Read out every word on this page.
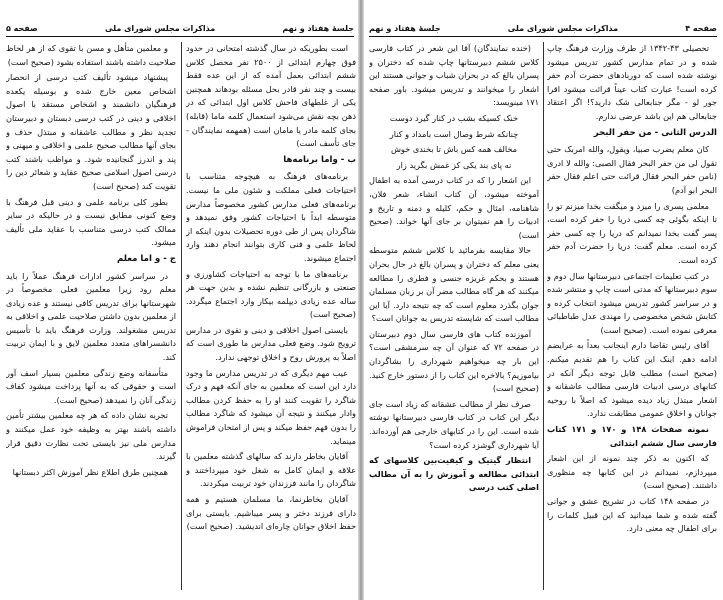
جلسهٔ هفتاد و نهم
مذاکرات مجلس شورای ملی
صفحه ۵

است بطوریکه در سال گذشته امتحانی در حدود فوق چهارم ابتدائی از ۲۵۰۰ نفر محصل کلاس ششم ابتدائی بعمل آمده که از این عده فقط بیست و چند نفر قادر بحل مسئله بودهاند همچنین یکی از غلطهای فاحش کلاس اول ابتدائی که در ذهن بچه نقش می‌شود استعمال کلمه ماما (قابله) بجای کلمه مادر یا مامان است (همهمه نمایندگان - جای تأسف است)

ب - واما برنامه‌ها

برنامه‌های فرهنگ به هیچوجه متناسب با احتیاجات فعلی مملکت و شئون ملی ما نیست. برنامه‌های فعلی مدارس کشور مخصوصاً مدارس متوسطه ابداً با احتیاجات کشور وفق نمیدهد و شاگردان پس از طی دوره تحصیلات بدون اینکه از لحاظ علمی و فنی کاری بتوانند انجام دهند وارد اجتماع میشوند.

برنامه‌های ما با توجه به احتیاجات کشاورزی و صنعتی و بازرگانی تنظیم نشده و بدین جهت هر ساله عده زیادی دیپلمه بیکار وارد اجتماع میگردد. (صحیح است)

بایستی اصول اخلاقی و دینی و تقوی در مدارس ترویج شود. وضع فعلی مدارس ما طوری است که اصلاً به پرورش روح و اخلاق توجهی ندارد.

عیب مهم دیگری که در تدریس مدارس ما وجود دارد این است که معلمین به جای آنکه فهم و درک شاگرد را تقویت کنند او را به حفظ کردن مطالب وادار میکنند و نتیجه آن میشود که شاگرد مطالب را بدون فهم حفظ میکند و پس از امتحان فراموش مینماید.

آقایان بخاطر دارند که سالهای گذشته معلمین با علاقه و ایمان کامل به شغل خود میپرداختند و شاگردان را مانند فرزندان خود تربیت میکردند.

آقایان بخاطرنما، ما مسلمان هستیم و همه دارای فرزند دختر و پسر میباشیم. بایستی برای حفظ اخلاق جوانان چاره‌ای اندیشید. (صحیح است)

و معلمین متأهل و مسن با تقوی که از هر لحاظ صلاحیت داشته باشند استفاده بشود (صحیح است)

پیشنهاد میشود تألیف کتب درسی از انحصار اشخاص معین خارج شده و بوسیله یکعده فرهنگیان دانشمند و اشخاص مستقد با اصول اخلاقی و دینی در کتب درسی دبستان و دبیرستان تجدید نظر و مطالب عاشقانه و مبتذل حذف و بجای آنها مطالب صحیح علمی و اخلاقی و میهنی و پند و اندرز گنجانیده شود. و مواظب باشند کتب درسی اصول اسلامی صحیح عقاید و شعائر دین را تقویت کند (صحیح است)

بطور کلی برنامه علمی و دینی قبل فرهنگ با وضع کنونی مطابق نیست و در حالیکه در سایر ممالک کتب درسی متناسب با عقاید ملی تألیف میشود.

ج - و اما معلم

در سراسر کشور ادارات فرهنگ عملاً را باید معلم رود زیرا معلمین فعلی مخصوصاً در شهرستانها برای تدریس کافی نیستند و عده زیادی از معلمین بدون داشتن صلاحیت علمی و اخلاقی به تدریس مشغولند. وزارت فرهنگ باید با تأسیس دانشسراهای متعدد معلمین لایق و با ایمان تربیت کند.

متأسفانه وضع زندگی معلمین بسیار اسف آور است و حقوقی که به آنها پرداخت میشود کفاف زندگی آنان را نمیدهد (صحیح است).

تجربه نشان داده که هر چه معلمین بیشتر تأمین داشته باشند بهتر به وظیفه خود عمل میکنند و مدارس ملی نیز بایستی تحت نظارت دقیق قرار گیرند.

همچنین طرق اطلاع نظر آموزش اکثر دبستانها

صفحه ۴
مذاکرات مجلس شورای ملی
جلسهٔ هفتاد و نهم

تحصیلی ۴۳-۱۳۴۲ از طرف وزارت فرهنگ چاپ شده و در تمام مدارس کشور تدریس میشود نوشته شده است که دوربادهای حضرت آدم حفر کرده است! عبارت کتاب عیناً قرائت میشود اقرا جور لو - مگر جنابعالی شک دارید؟! اگر اعتقاد جنابعالی هم این باشد عرضی ندارم.

الدرس الثانی - من حفر البحر

کان معلم یضرب صبیا، ویقول، والله امربک حتی تقول لی من حفر البحر فقال الصبی: والله لا ادری (نامن حفر البحر فقال قرائت حتی اعلم فقال حفر البحر ابو آدم)

معلمی پسری را میزد و میگفت بخدا میزنم تو را تا اینکه بگوئی چه کسی دریا را حفر کرده است، پسر گفت بخدا نمیدانم که دریا را چه کسی حفر کرده است. معلم گفت: دریا را حضرت آدم حفر کرده است.

در کتب تعلیمات اجتماعی دبیرستانها سال دوم و سوم دبیرستانها که مدتی است چاپ و منتشر شده و در سراسر کشور تدریس میشود انتخاب کرده و کتابش شخص مخصوصی را مهندی عدل طباطبائی معرفی نموده است. (صحیح است)

آقای رئیس تقاضا دارم اینجانب بعداً به عرایضم ادامه دهم. اینک این کتاب را هم تقدیم میکنم. (صحیح است) مطلب قابل توجه دیگر آنکه در کتابهای درسی ادبیات فارسی مطالب عاشقانه و اشعار مبتذل زیاد دیده میشود که اصلاً با روحیه جوانان و اخلاق عمومی مطابقت ندارد.

نمونه صفحات ۱۴۸ و ۱۷۰ و ۱۷۱ کتاب فارسی سال ششم ابتدائی

که اکنون به ذکر چند نمونه از این اشعار میپردازم، نمیدانم در این کتابها چه منظوری داشتند. (صحیح است)

در صفحه ۱۴۸ کتاب در تشریح عشق و جوانی گفته شده و شما میدانید که این قبیل کلمات را برای اطفال چه معنی دارد.

(خنده نمایندگان) آقا این شعر در کتاب فارسی کلاس ششم دبیرستانها چاپ شده که دختران و پسران بالغ که در بحران شباب و جوانی هستند این اشعار را میخوانند و تدریس میشود. باور صفحه ۱۷۱ مینویسد:

خنک کسیکه بشب در کنار گیرد دوست

چنانکه شرط وصال است بامداد و کنار

مخالف همه کس باش تا بخندی خوش

نه پای بند یکی کز غمش بگرید زار

این اشعار را که در کتاب درسی آمده به اطفال آموخته میشود، آن کتاب انشاء، شعر فلان، شاهنامه، امثال و حکم، کلیله و دمنه و تاریخ و ادبیات را هم نمیتوان بر جای آنها خواند. (صحیح است)

حالا مقایسه بفرمائید با کلاس ششم متوسطه یعنی معلم که دختران و پسران بالغ در حال بحران هستند و بحکم غریزه جنسی و فطری را مطالعه میکنند که هر گاه مطالب مضر آن بر زبان مسلمان جوان بگذرد معلوم است که چه نتیجه دارد. آیا این مطالب است که شایسته تدریس به جوانان است؟

آموزنده کتاب های فارسی سال دوم دبیرستان در صفحه ۷۲ که عنوان آن چه سرمشقی است؟ این بار چه میخواهیم شهرداری را بشاگردان بیاموزیم؟ بالاخره این کتاب را از دستور خارج کنید. (صحیح است)

صرف نظر از مطالب عشقانه که زیاد است جای دیگر این کتاب در کتاب فارسی دبیرستانها نوشته شده است. این را در کتابهای خارجی هم آورده‌اند. آیا شهرداری گوشزد کرده است؟

انتظار گیتیک و کیفیت‌بین کلاسهای که ابتدائی مطالعه و آموزش را به آن مطالب اصلی کتب درسی
